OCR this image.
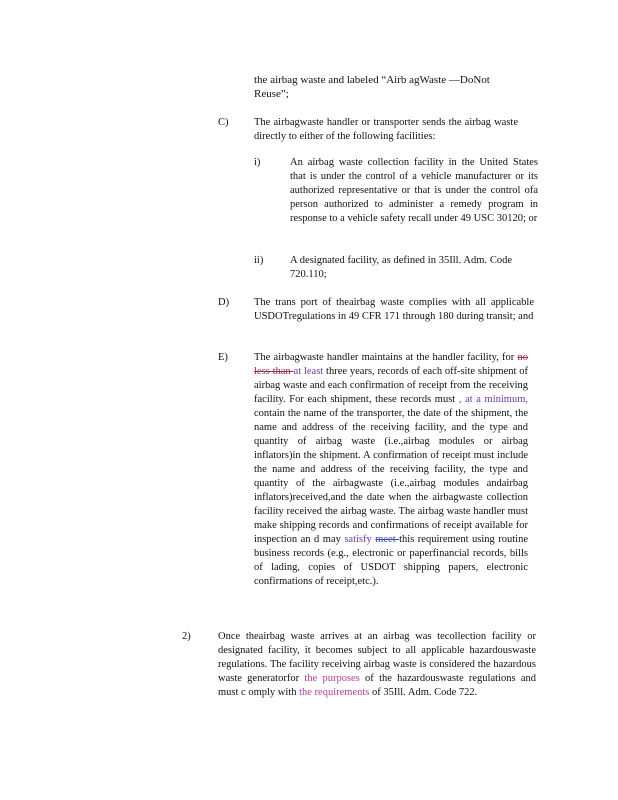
the airbag waste and labeled “Airb agWaste —DoNot
Reuse”;
C) The airbagwaste handler or transporter sends the airbag waste directly to either of the following facilities:
i)	An airbag waste collection facility in the United States that is under the control of a vehicle manufacturer or its authorized representative or that is under the control ofa person authorized to administer a remedy program in response to a vehicle safety recall under 49 USC 30120; or
ii)	A designated facility, as defined in 35Ill. Adm. Code 720.110;
D) The trans port of theairbag waste complies with all applicable USDOTregulations in 49 CFR 171 through 180 during transit; and
E) The airbagwaste handler maintains at the handler facility, for no less than at least three years, records of each off-site shipment of airbag waste and each confirmation of receipt from the receiving facility. For each shipment, these records must , at a minimum, contain the name of the transporter, the date of the shipment, the name and address of the receiving facility, and the type and quantity of airbag waste (i.e.,airbag modules or airbag inflators)in the shipment. A confirmation of receipt must include the name and address of the receiving facility, the type and quantity of the airbagwaste (i.e.,airbag modules andairbag inflators)received,and the date when the airbagwaste collection facility received the airbag waste. The airbag waste handler must make shipping records and confirmations of receipt available for inspection an d may satisfy meet this requirement using routine business records (e.g., electronic or paperfinancial records, bills of lading, copies of USDOT shipping papers, electronic confirmations of receipt,etc.).
2)	Once theairbag waste arrives at an airbag was tecollection facility or designated facility, it becomes subject to all applicable hazardouswaste regulations. The facility receiving airbag waste is considered the hazardous waste generatorfor the purposes of the hazardouswaste regulations and must c omply with the requirements of 35Ill. Adm. Code 722.
